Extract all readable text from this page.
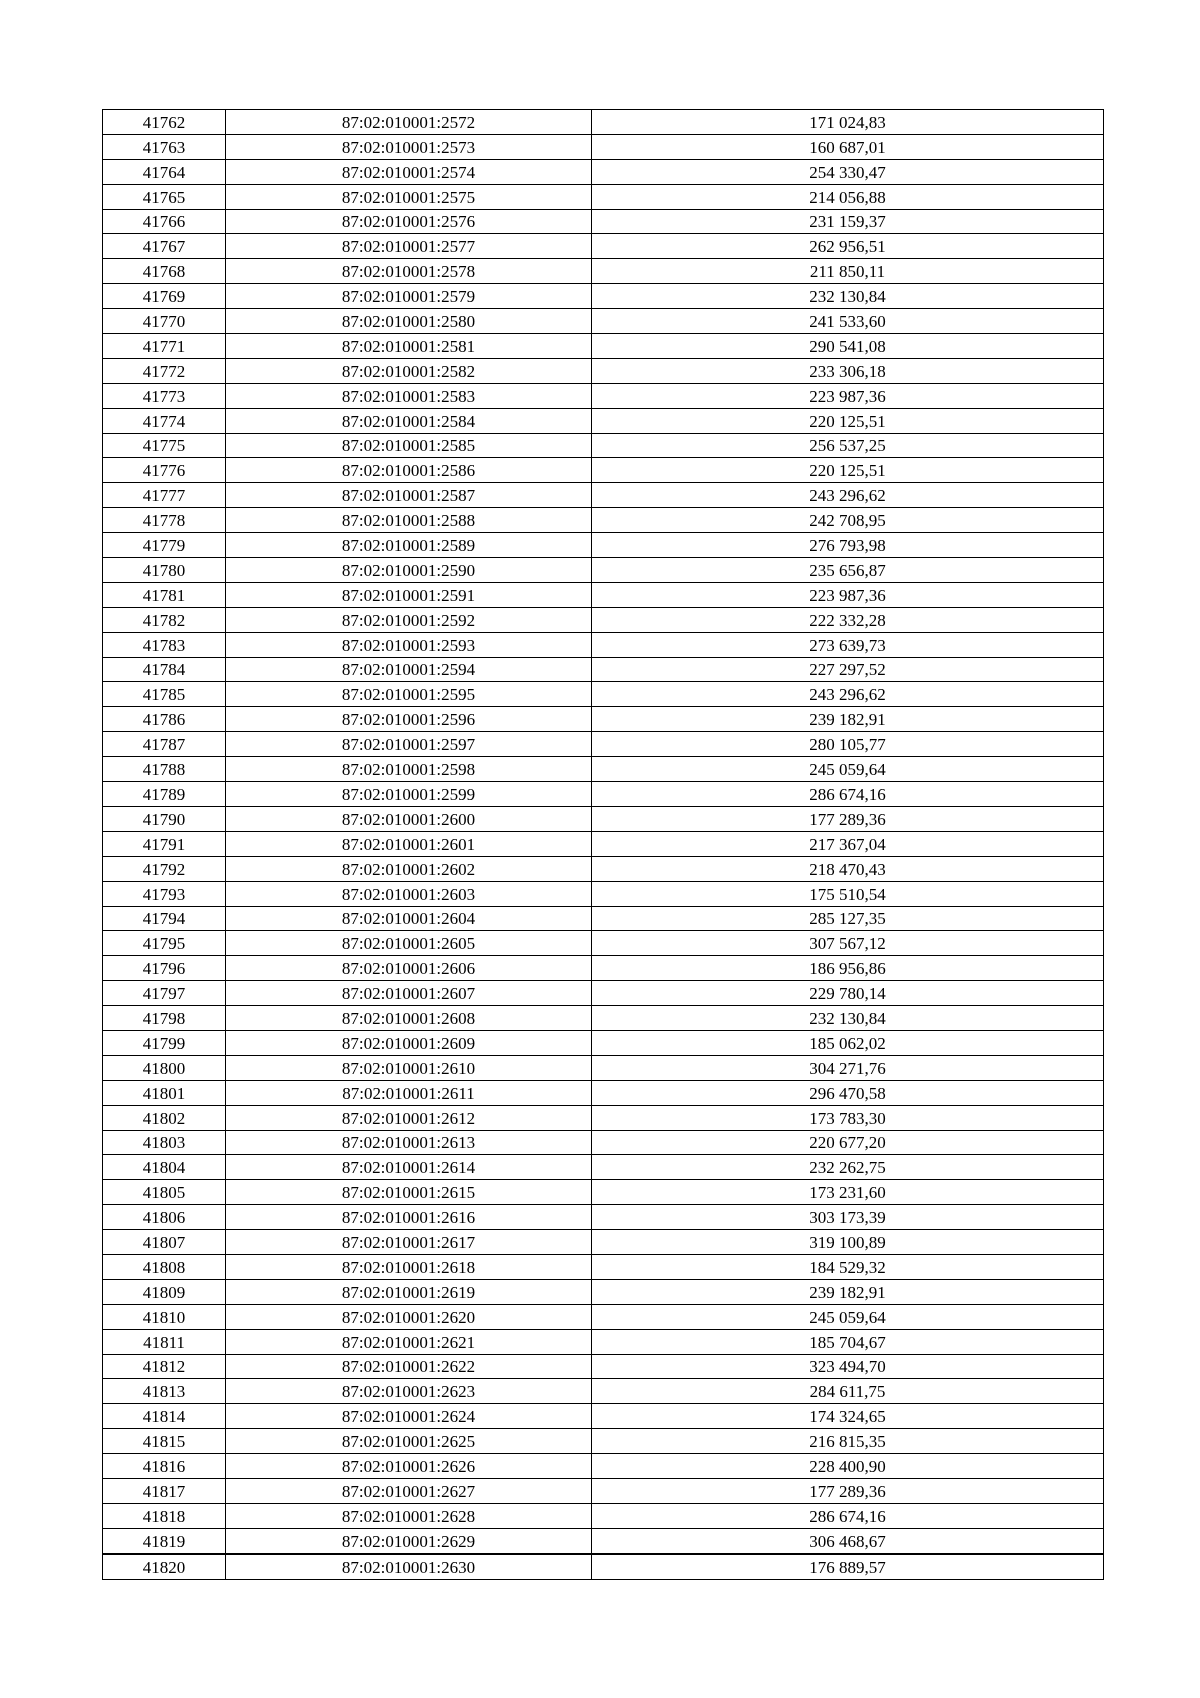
41762	87:02:010001:2572	171 024,83
41763	87:02:010001:2573	160 687,01
41764	87:02:010001:2574	254 330,47
41765	87:02:010001:2575	214 056,88
41766	87:02:010001:2576	231 159,37
41767	87:02:010001:2577	262 956,51
41768	87:02:010001:2578	211 850,11
41769	87:02:010001:2579	232 130,84
41770	87:02:010001:2580	241 533,60
41771	87:02:010001:2581	290 541,08
41772	87:02:010001:2582	233 306,18
41773	87:02:010001:2583	223 987,36
41774	87:02:010001:2584	220 125,51
41775	87:02:010001:2585	256 537,25
41776	87:02:010001:2586	220 125,51
41777	87:02:010001:2587	243 296,62
41778	87:02:010001:2588	242 708,95
41779	87:02:010001:2589	276 793,98
41780	87:02:010001:2590	235 656,87
41781	87:02:010001:2591	223 987,36
41782	87:02:010001:2592	222 332,28
41783	87:02:010001:2593	273 639,73
41784	87:02:010001:2594	227 297,52
41785	87:02:010001:2595	243 296,62
41786	87:02:010001:2596	239 182,91
41787	87:02:010001:2597	280 105,77
41788	87:02:010001:2598	245 059,64
41789	87:02:010001:2599	286 674,16
41790	87:02:010001:2600	177 289,36
41791	87:02:010001:2601	217 367,04
41792	87:02:010001:2602	218 470,43
41793	87:02:010001:2603	175 510,54
41794	87:02:010001:2604	285 127,35
41795	87:02:010001:2605	307 567,12
41796	87:02:010001:2606	186 956,86
41797	87:02:010001:2607	229 780,14
41798	87:02:010001:2608	232 130,84
41799	87:02:010001:2609	185 062,02
41800	87:02:010001:2610	304 271,76
41801	87:02:010001:2611	296 470,58
41802	87:02:010001:2612	173 783,30
41803	87:02:010001:2613	220 677,20
41804	87:02:010001:2614	232 262,75
41805	87:02:010001:2615	173 231,60
41806	87:02:010001:2616	303 173,39
41807	87:02:010001:2617	319 100,89
41808	87:02:010001:2618	184 529,32
41809	87:02:010001:2619	239 182,91
41810	87:02:010001:2620	245 059,64
41811	87:02:010001:2621	185 704,67
41812	87:02:010001:2622	323 494,70
41813	87:02:010001:2623	284 611,75
41814	87:02:010001:2624	174 324,65
41815	87:02:010001:2625	216 815,35
41816	87:02:010001:2626	228 400,90
41817	87:02:010001:2627	177 289,36
41818	87:02:010001:2628	286 674,16
41819	87:02:010001:2629	306 468,67
41820	87:02:010001:2630	176 889,57
